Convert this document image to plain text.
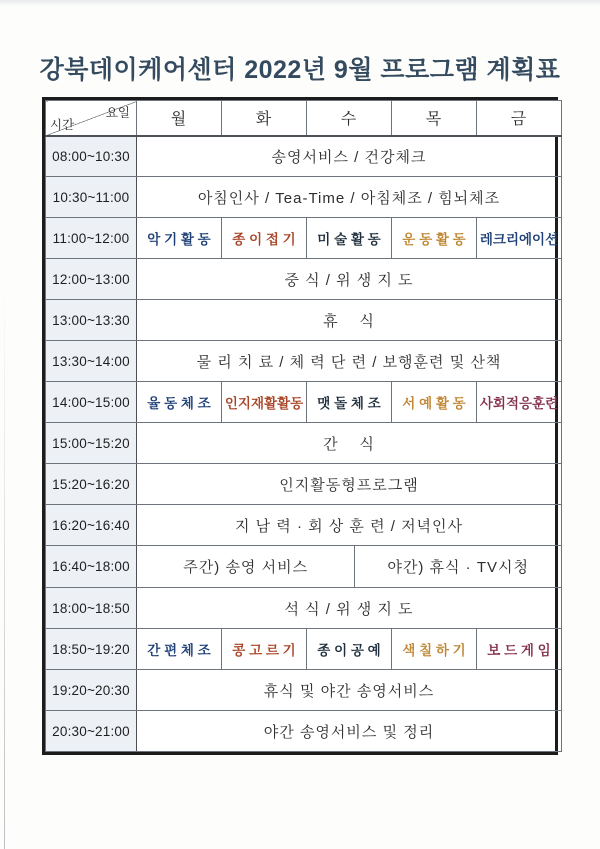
강북데이케어센터 2022년 9월 프로그램 계획표
요일
시간	월	화	수	목	금
08:00~10:30	송영서비스 / 건강체크				
10:30~11:00	아침인사 / Tea-Time / 아침체조 / 힘뇌체조				
11:00~12:00	악 기 활 동	종 이 접 기	미 술 활 동	운 동 활 동	레크리에이션
12:00~13:00	중 식 / 위 생 지 도				
13:00~13:30	휴    식				
13:30~14:00	물 리 치 료 / 체 력 단 련 / 보행훈련 및 산책				
14:00~15:00	율 동 체 조	인지재활활동	맷 돌 체 조	서 예 활 동	사회적응훈련
15:00~15:20	간    식				
15:20~16:20	인지활동형프로그램				
16:20~16:40	지 남 력 · 회 상 훈 련 / 저녁인사				
16:40~18:00	주간) 송영 서비스 야간) 휴식 · TV시청				

18:00~18:50	석 식 / 위 생 지 도				
18:50~19:20	간 편 체 조	콩 고 르 기	종 이 공 예	색 칠 하 기	보 드 게 임
19:20~20:30	휴식 및 야간 송영서비스				
20:30~21:00	야간 송영서비스 및 정리				
